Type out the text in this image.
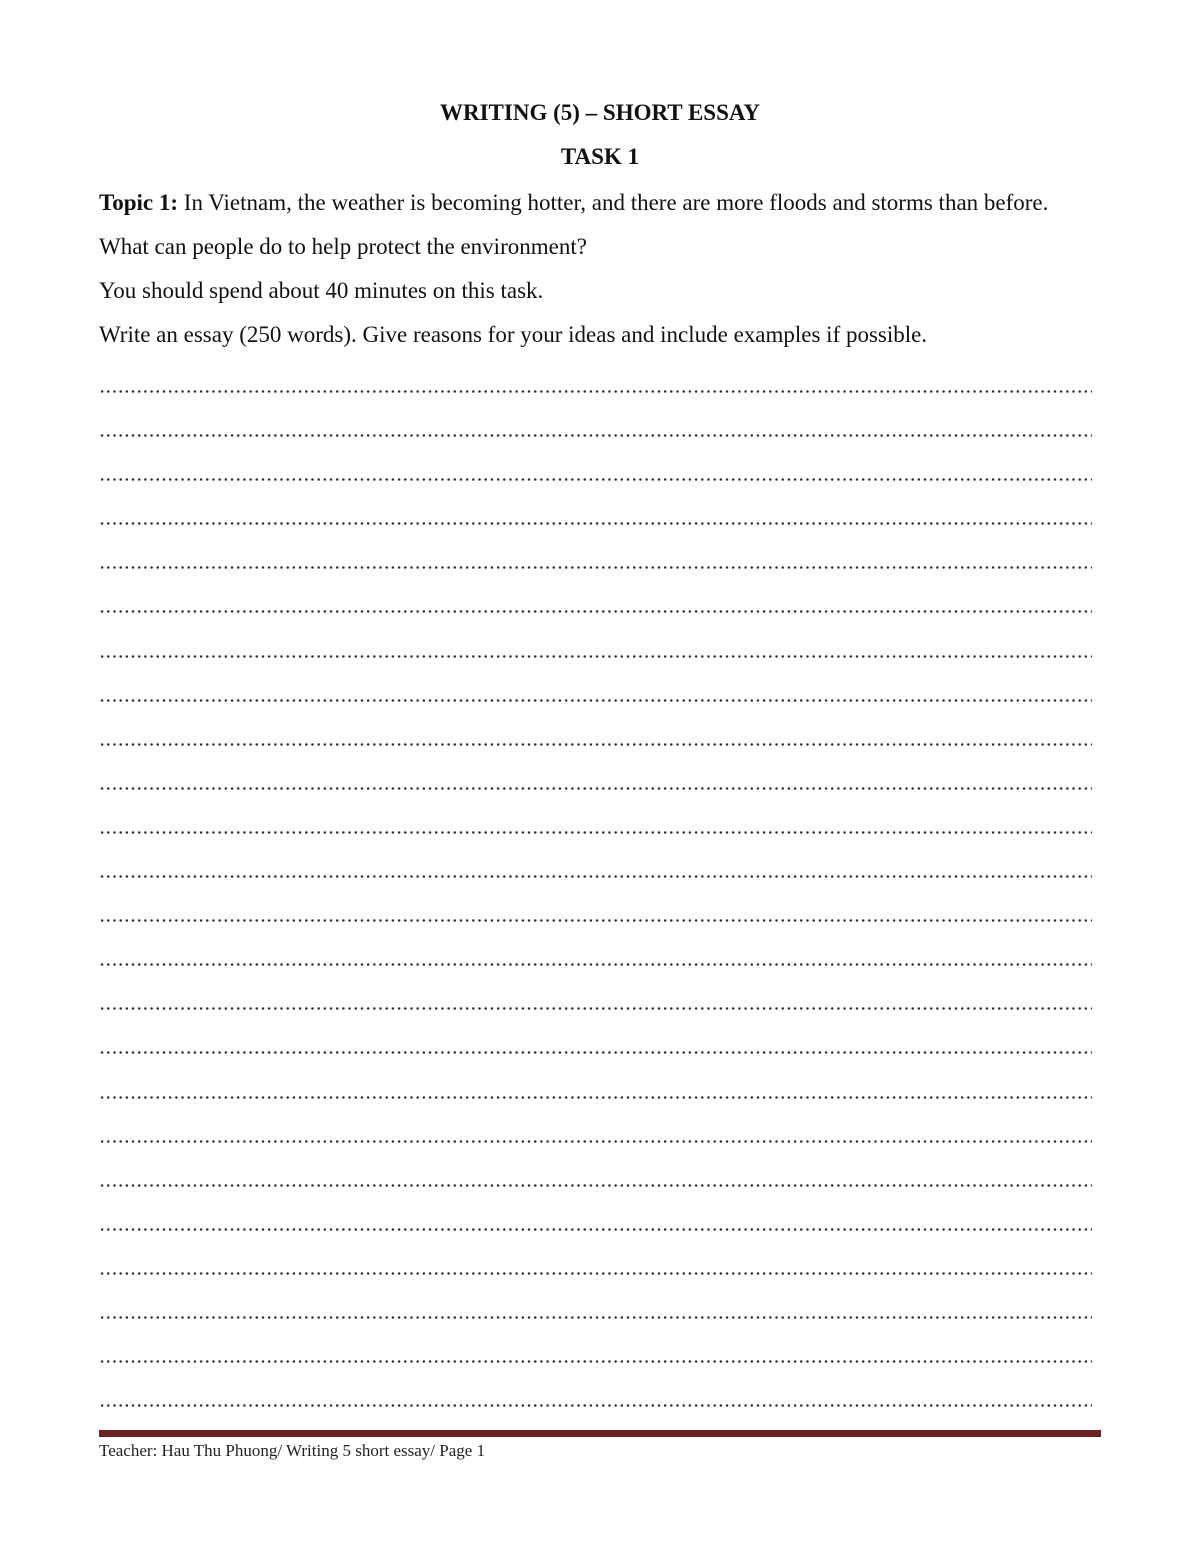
WRITING (5) – SHORT ESSAY
TASK 1

Topic 1: In Vietnam, the weather is becoming hotter, and there are more floods and storms than before. What can people do to help protect the environment?

You should spend about 40 minutes on this task.

Write an essay (250 words). Give reasons for your ideas and include examples if possible.

Teacher: Hau Thu Phuong/ Writing 5 short essay/ Page 1
